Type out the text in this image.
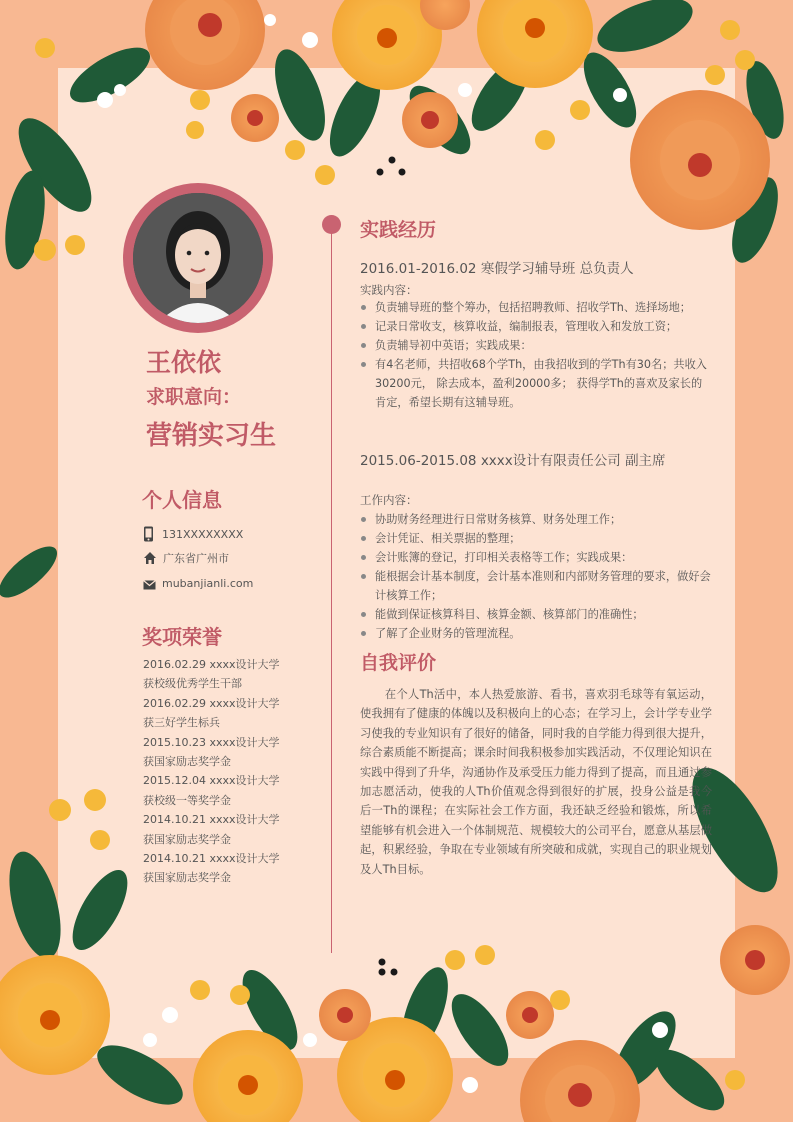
王依依
求职意向：
营销实习生
个人信息
131XXXXXXXX
广东省广州市
mubanjianli.com
奖项荣誉
2016.02.29 xxxx设计大学
获校级优秀学生干部
2016.02.29 xxxx设计大学
获三好学生标兵
2015.10.23 xxxx设计大学
获国家励志奖学金
2015.12.04 xxxx设计大学
获校级一等奖学金
2014.10.21 xxxx设计大学
获国家励志奖学金
2014.10.21 xxxx设计大学
获国家励志奖学金
实践经历
2016.01-2016.02 寒假学习辅导班 总负责人
实践内容：
负责辅导班的整个筹办，包括招聘教师、招收学Th、选择场地；
记录日常收支，核算收益，编制报表，管理收入和发放工资；
负责辅导初中英语；实践成果：
有4名老师，共招收68个学Th，由我招收到的学Th有30名；共收入30200元， 除去成本，盈利20000多； 获得学Th的喜欢及家长的肯定，希望长期有这辅导班。
2015.06-2015.08 xxxx设计有限责任公司 副主席
工作内容：
协助财务经理进行日常财务核算、财务处理工作；
会计凭证、相关票据的整理；
会计账簿的登记，打印相关表格等工作；实践成果：
能根据会计基本制度，会计基本准则和内部财务管理的要求，做好会计核算工作；
能做到保证核算科目、核算金额、核算部门的准确性；
了解了企业财务的管理流程。
自我评价

在个人Th活中，本人热爱旅游、看书，喜欢羽毛球等有氧运动，使我拥有了健康的体魄以及积极向上的心态；在学习上，会计学专业学习使我的专业知识有了很好的储备，同时我的自学能力得到很大提升，综合素质能不断提高；课余时间我积极参加实践活动，不仅理论知识在实践中得到了升华，沟通协作及承受压力能力得到了提高，而且通过参加志愿活动，使我的人Th价值观念得到很好的扩展，投身公益是我今后一Th的课程；在实际社会工作方面，我还缺乏经验和锻炼，所以希望能够有机会进入一个体制规范、规模较大的公司平台，愿意从基层做起，积累经验，争取在专业领域有所突破和成就，实现自己的职业规划及人Th目标。
